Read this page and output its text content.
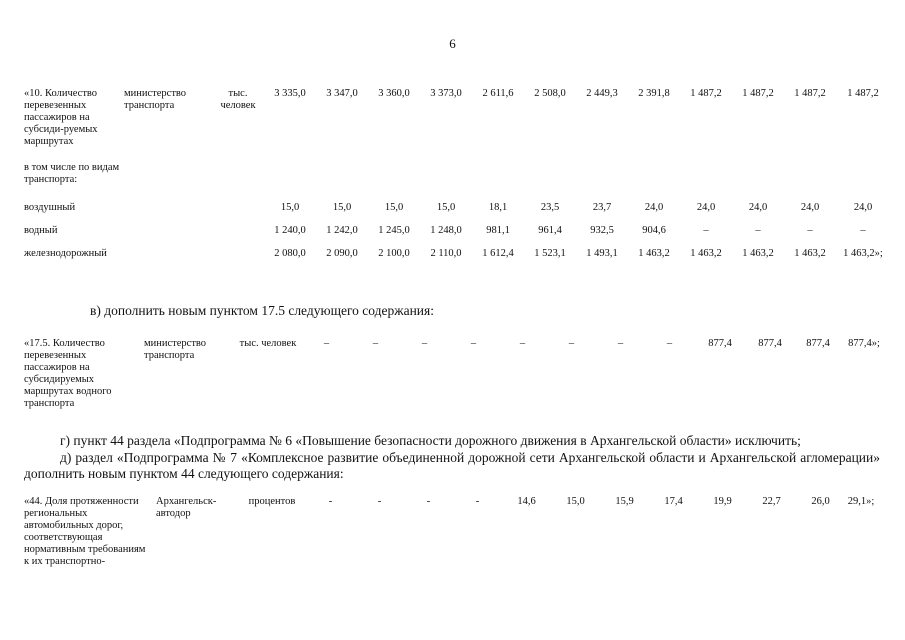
6
«10. Количество перевезенных пассажиров на субсиди-руемых маршрутах	министерство транспорта	тыс. человек	3 335,0	3 347,0	3 360,0	3 373,0	2 611,6	2 508,0	2 449,3	2 391,8	1 487,2	1 487,2	1 487,2	1 487,2

в том числе по видам транспорта:														

воздушный			15,0	15,0	15,0	15,0	18,1	23,5	23,7	24,0	24,0	24,0	24,0	24,0

водный			1 240,0	1 242,0	1 245,0	1 248,0	981,1	961,4	932,5	904,6	–	–	–	–

железнодорожный			2 080,0	2 090,0	2 100,0	2 110,0	1 612,4	1 523,1	1 493,1	1 463,2	1 463,2	1 463,2	1 463,2	1 463,2»;
в) дополнить новым пунктом 17.5 следующего содержания:
«17.5. Количество перевезенных пассажиров на субсидируемых маршрутах водного транспорта	министерство транспорта	тыс. человек	–	–	–	–	–	–	–	–	877,4	877,4	877,4	877,4»;
г) пункт 44 раздела «Подпрограмма № 6 «Повышение безопасности дорожного движения в Архангельской области» исключить;
д) раздел «Подпрограмма № 7 «Комплексное развитие объединенной дорожной сети Архангельской области и Архангельской агломерации» дополнить новым пунктом 44 следующего содержания:
«44. Доля протяженности региональных автомобильных дорог, соответствующая нормативным требованиям к их транспортно-	Архангельск-автодор	процентов	-	-	-	-	14,6	15,0	15,9	17,4	19,9	22,7	26,0	29,1»;
